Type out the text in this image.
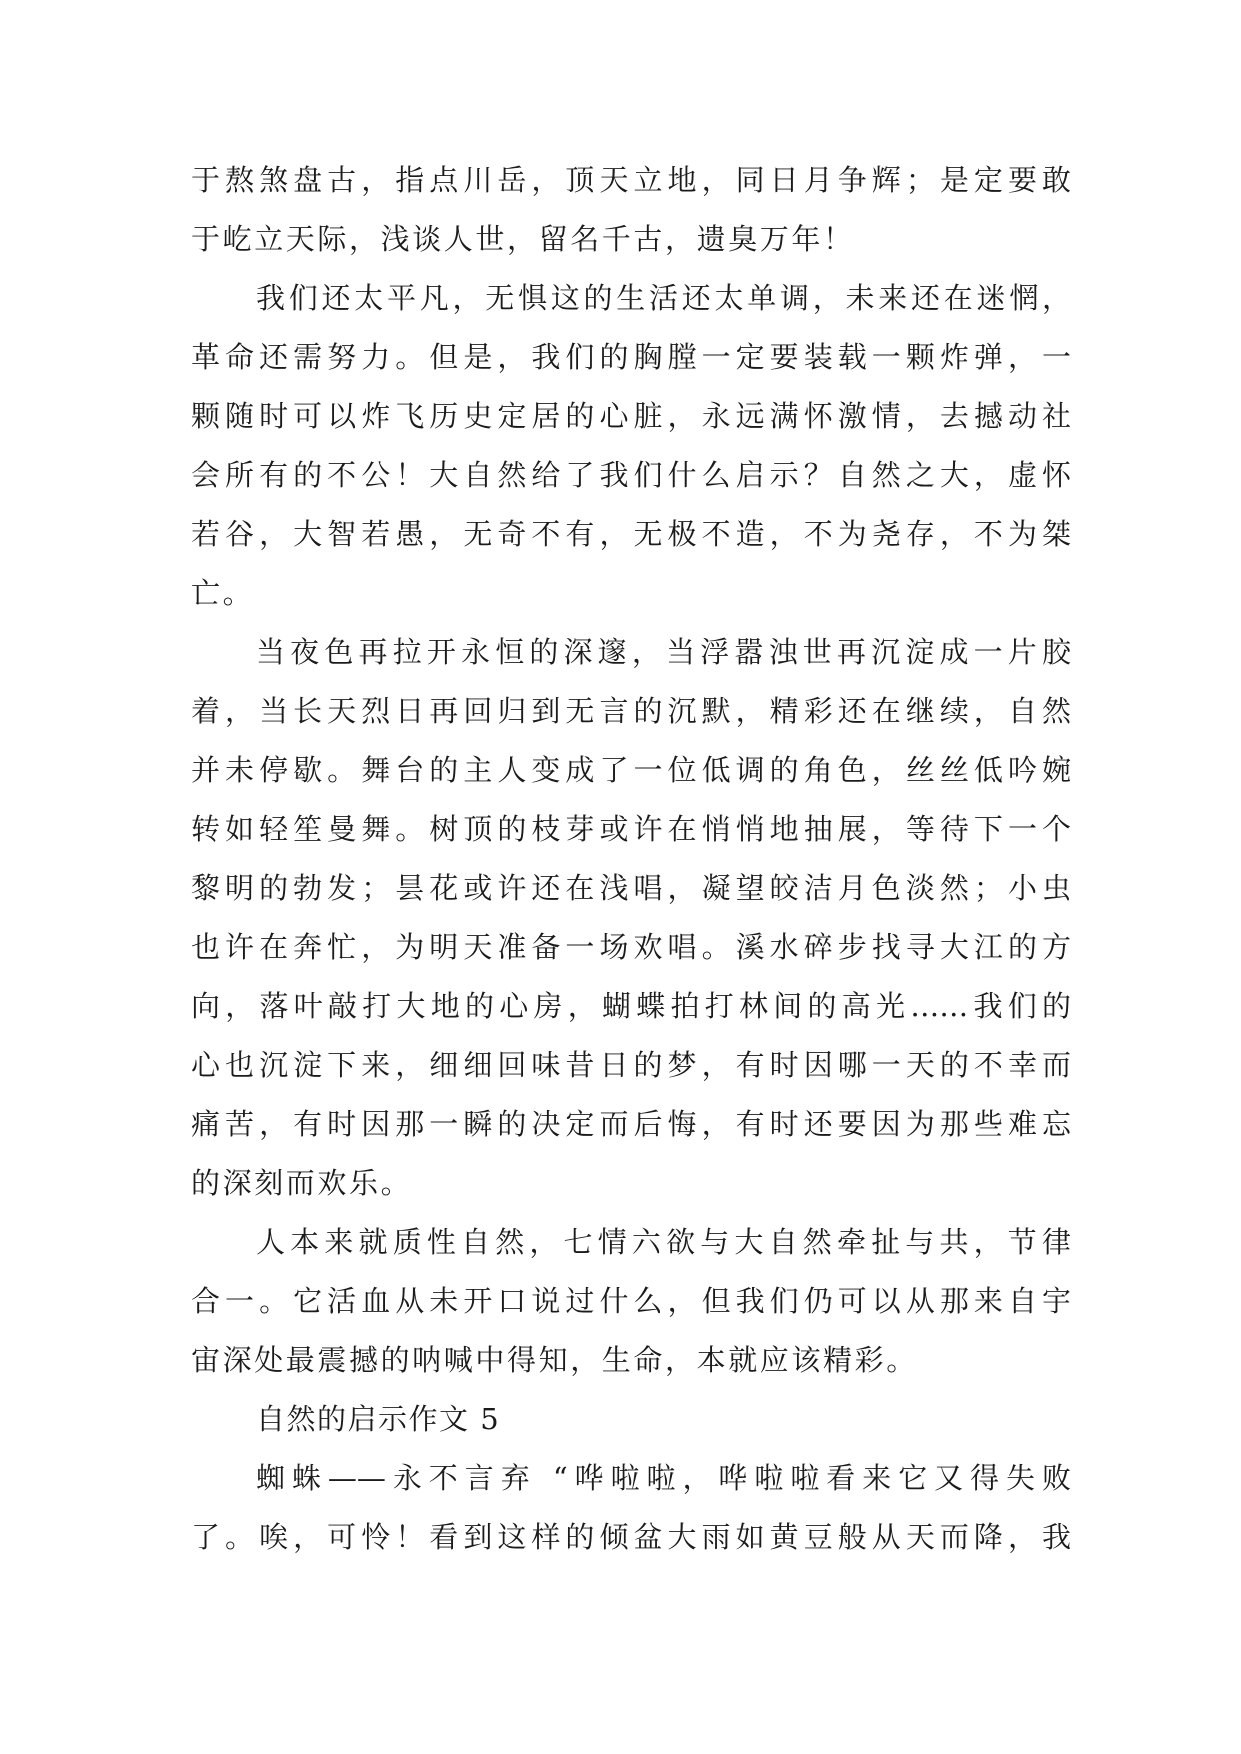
于熬煞盘古，指点川岳，顶天立地，同日月争辉；是定要敢
于屹立天际，浅谈人世，留名千古，遗臭万年！
我们还太平凡，无惧这的生活还太单调，未来还在迷惘，
革命还需努力。但是，我们的胸膛一定要装载一颗炸弹，一
颗随时可以炸飞历史定居的心脏，永远满怀激情，去撼动社
会所有的不公！大自然给了我们什么启示？自然之大，虚怀
若谷，大智若愚，无奇不有，无极不造，不为尧存，不为桀
亡。
当夜色再拉开永恒的深邃，当浮嚣浊世再沉淀成一片胶
着，当长天烈日再回归到无言的沉默，精彩还在继续，自然
并未停歇。舞台的主人变成了一位低调的角色，丝丝低吟婉
转如轻笙曼舞。树顶的枝芽或许在悄悄地抽展，等待下一个
黎明的勃发；昙花或许还在浅唱，凝望皎洁月色淡然；小虫
也许在奔忙，为明天准备一场欢唱。溪水碎步找寻大江的方
向，落叶敲打大地的心房，蝴蝶拍打林间的高光……我们的
心也沉淀下来，细细回味昔日的梦，有时因哪一天的不幸而
痛苦，有时因那一瞬的决定而后悔，有时还要因为那些难忘
的深刻而欢乐。
人本来就质性自然，七情六欲与大自然牵扯与共，节律
合一。它活血从未开口说过什么，但我们仍可以从那来自宇
宙深处最震撼的呐喊中得知，生命，本就应该精彩。
自然的启示作文 5
蜘蛛——永不言弃 “哗啦啦，哗啦啦看来它又得失败
了。唉，可怜！看到这样的倾盆大雨如黄豆般从天而降，我
